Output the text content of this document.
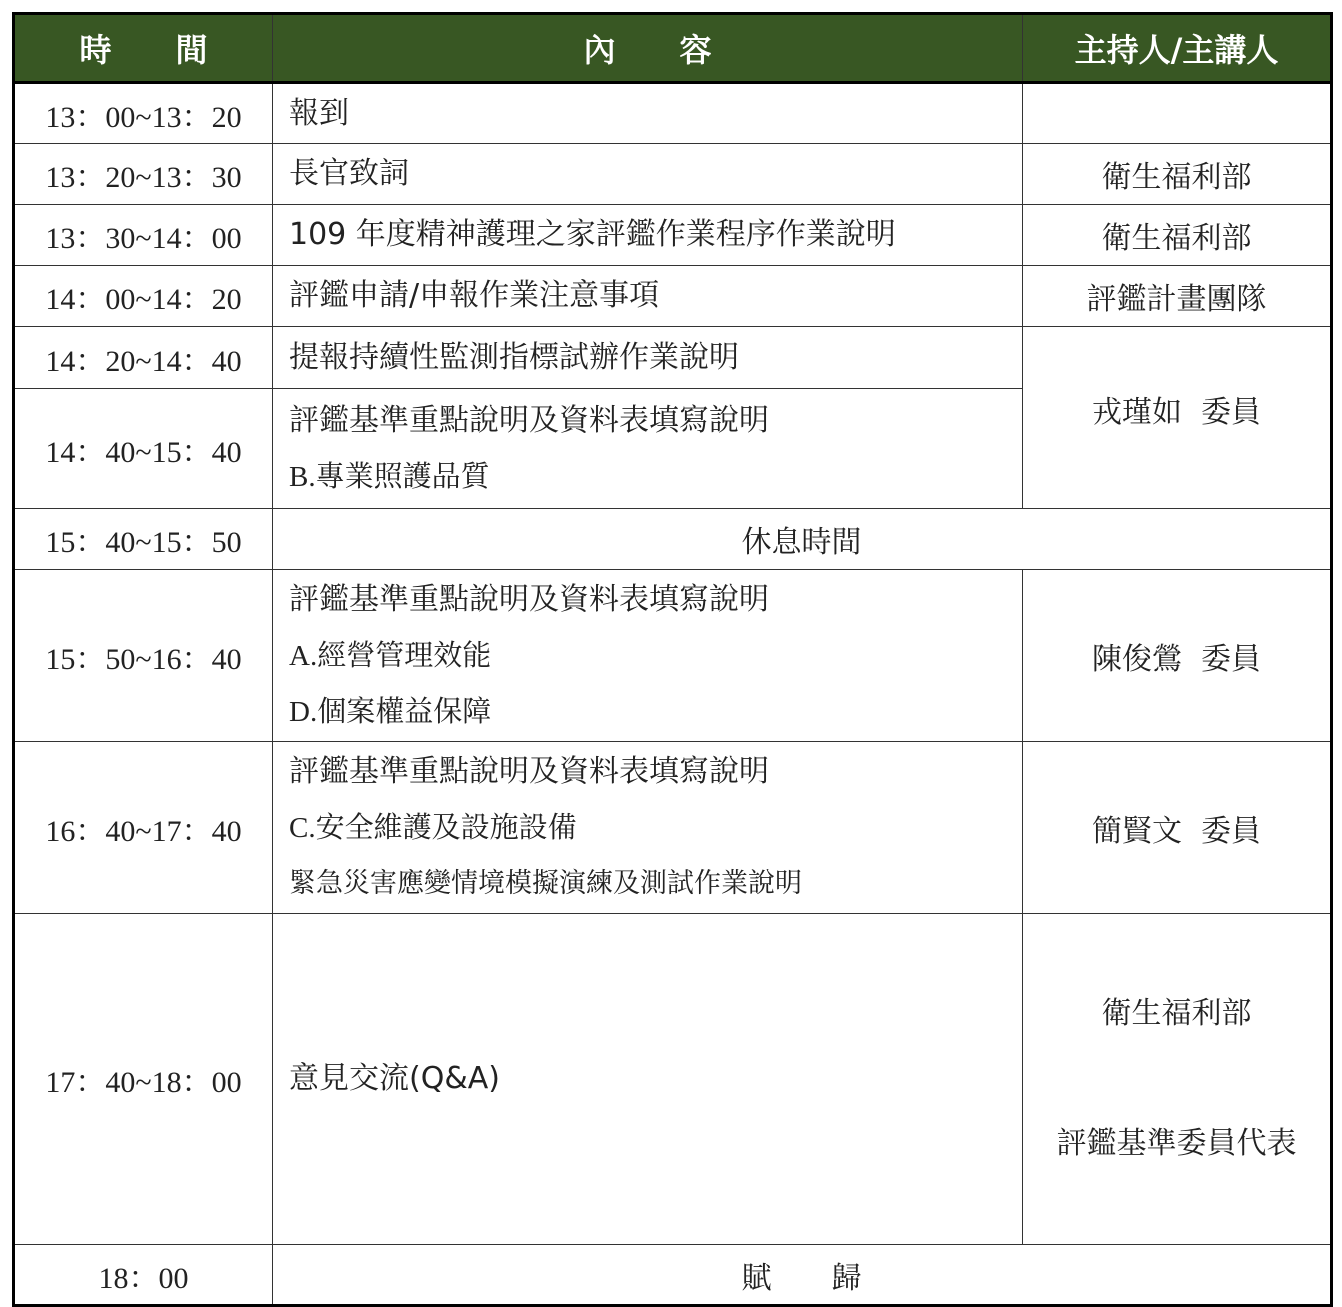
時　　間	內　　容	主持人/主講人
13：00~13：20	報到	

13：20~13：30	長官致詞	衛生福利部
13：30~14：00	109 年度精神護理之家評鑑作業程序作業說明	衛生福利部
14：00~14：20	評鑑申請/申報作業注意事項	評鑑計畫團隊
14：20~14：40	提報持續性監測指標試辦作業說明	戎瑾如  委員
14：40~15：40	評鑑基準重點說明及資料表填寫說明
B.專業照護品質	

15：40~15：50	休息時間	
15：50~16：40	評鑑基準重點說明及資料表填寫說明
A.經營管理效能
D.個案權益保障	陳俊鶯  委員
16：40~17：40	評鑑基準重點說明及資料表填寫說明
C.安全維護及設施設備
緊急災害應變情境模擬演練及測試作業說明	簡賢文  委員
17：40~18：00	意見交流(Q&A)	衛生福利部

評鑑基準委員代表

18：00	賦　　歸	
